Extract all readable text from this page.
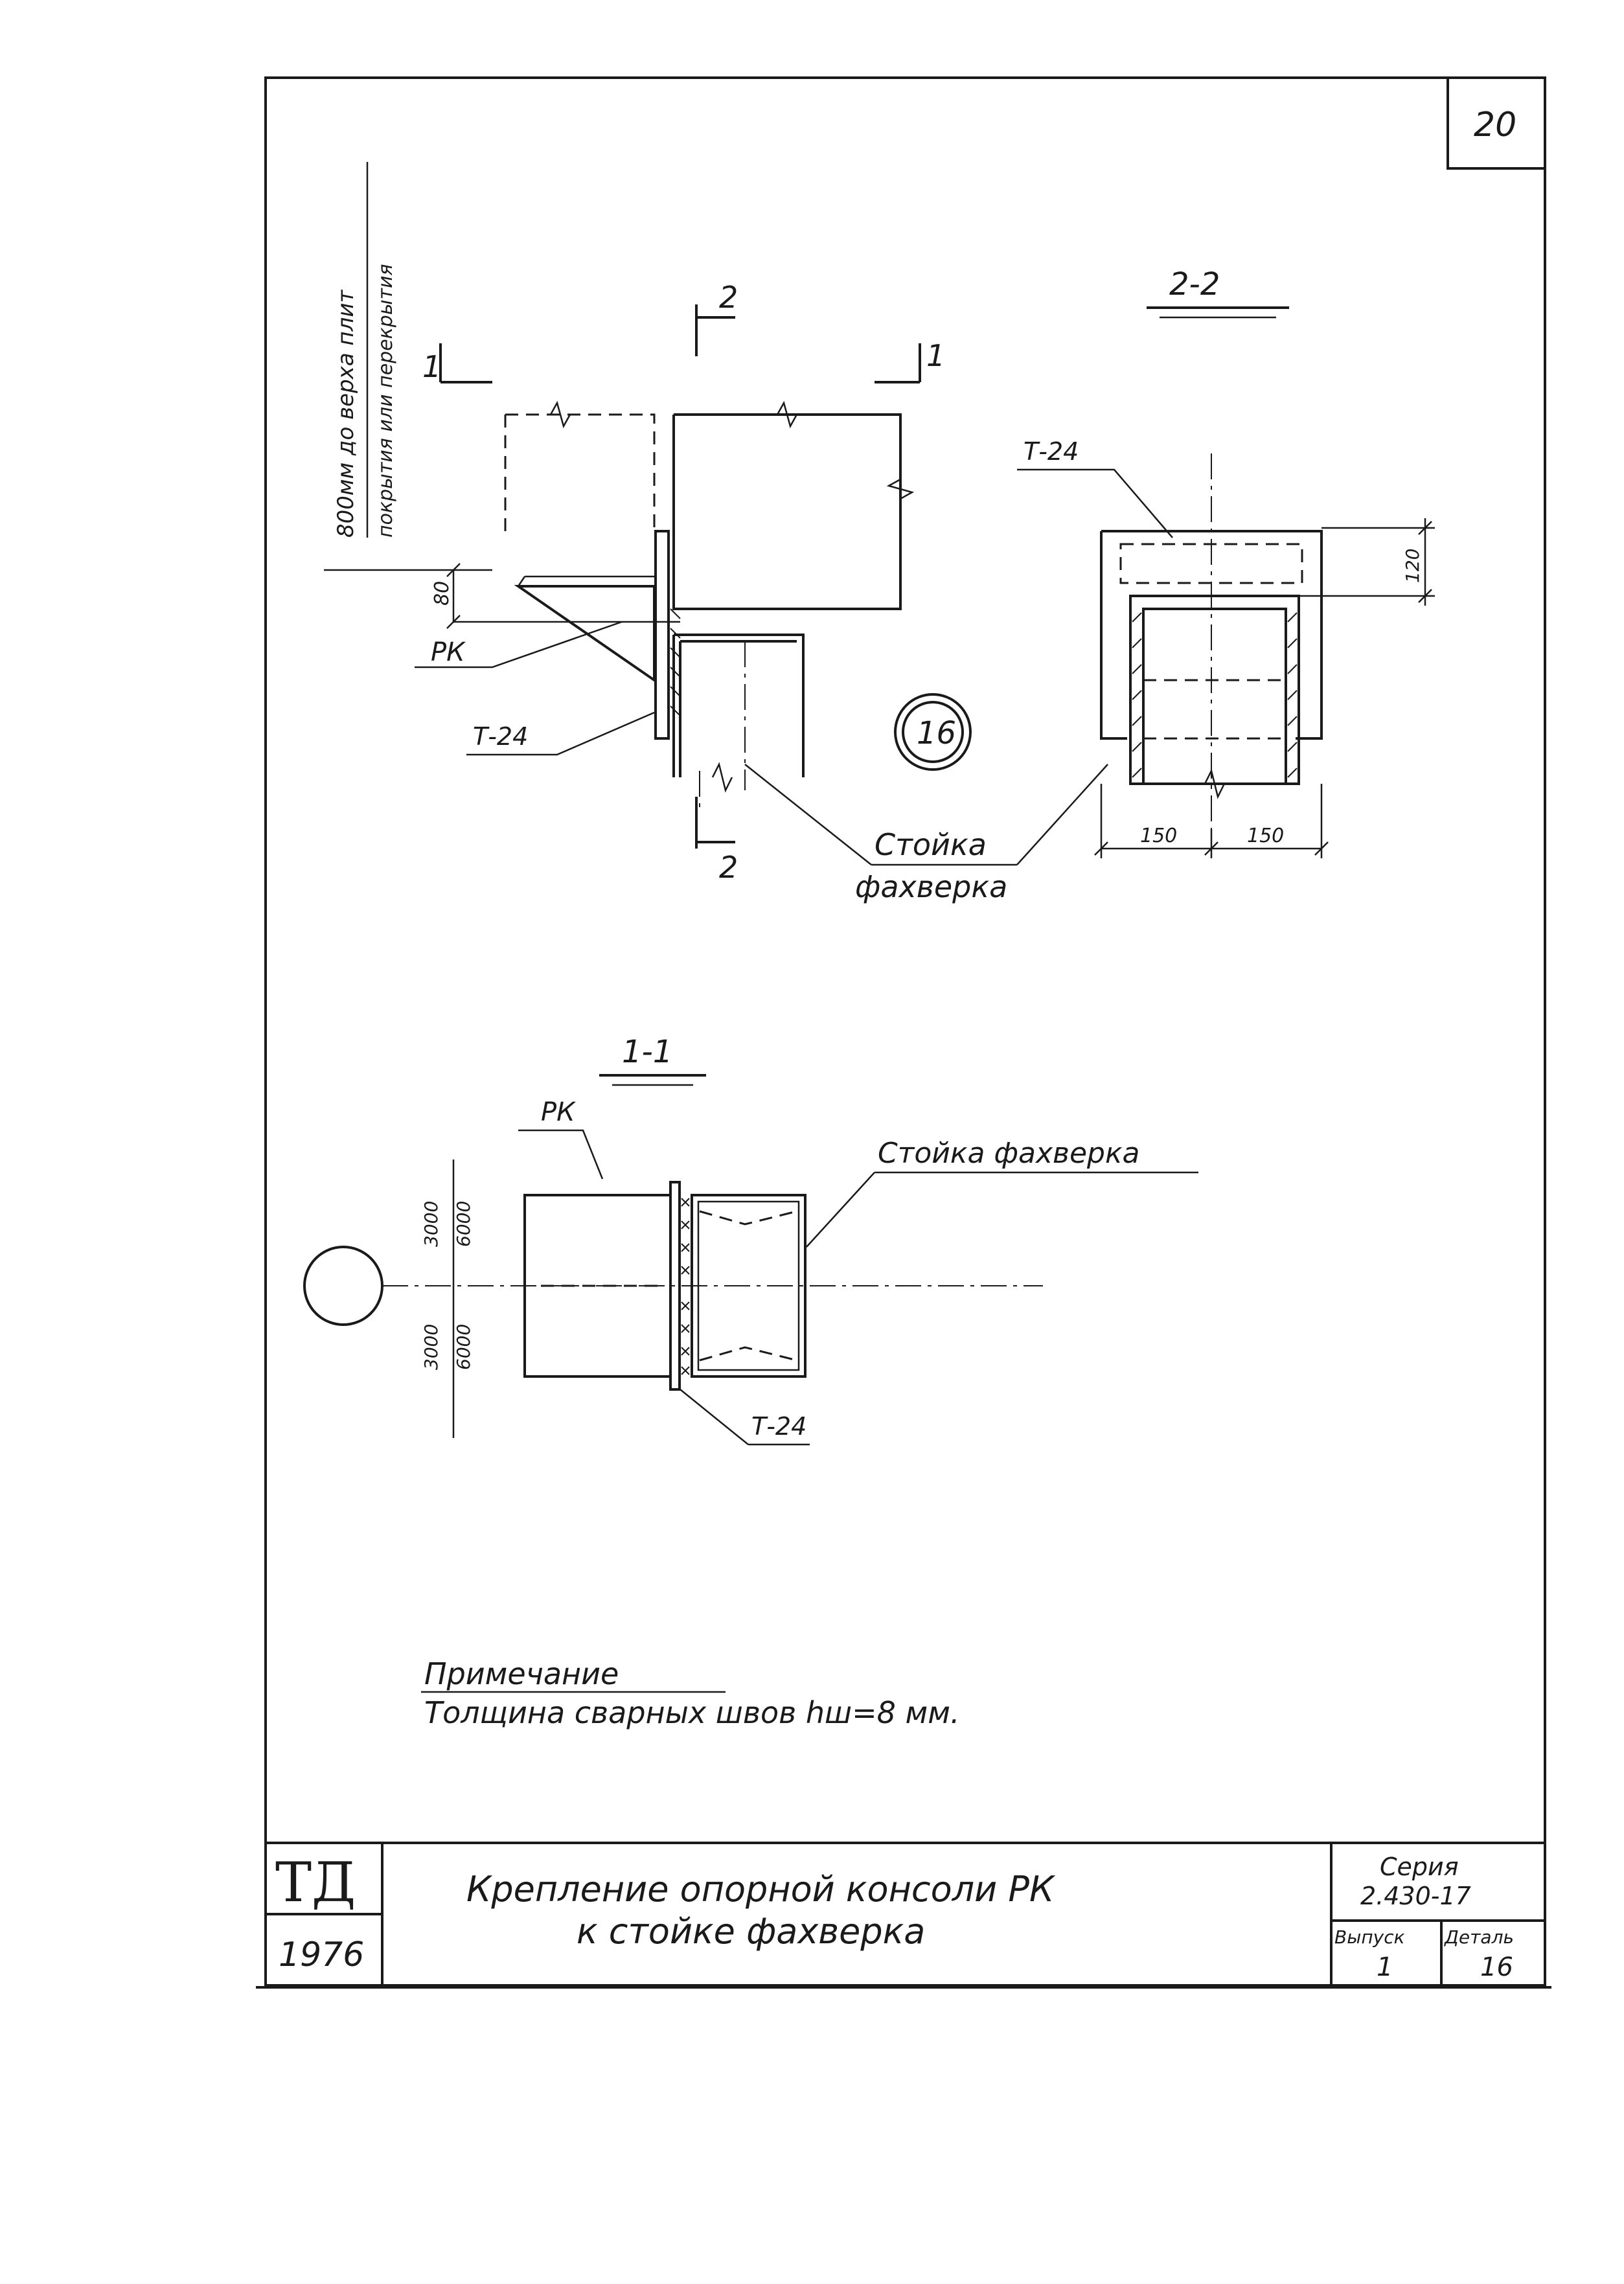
20
800мм до верха плит покрытия или перекрытия 1	1
2
2
80
РК
Т-24	16
Стойка
фахверка
2-2
Т-24
120
150	150
1-1
3000 6000
3000 6000
РК
Стойка фахверка
Т-24
Примечание
Толщина сварных швов hш=8 мм.
ТД
1976
Крепление опорной консоли РК
к стойке фахверка
Серия
2.430-17
Выпуск
1
Деталь
16
